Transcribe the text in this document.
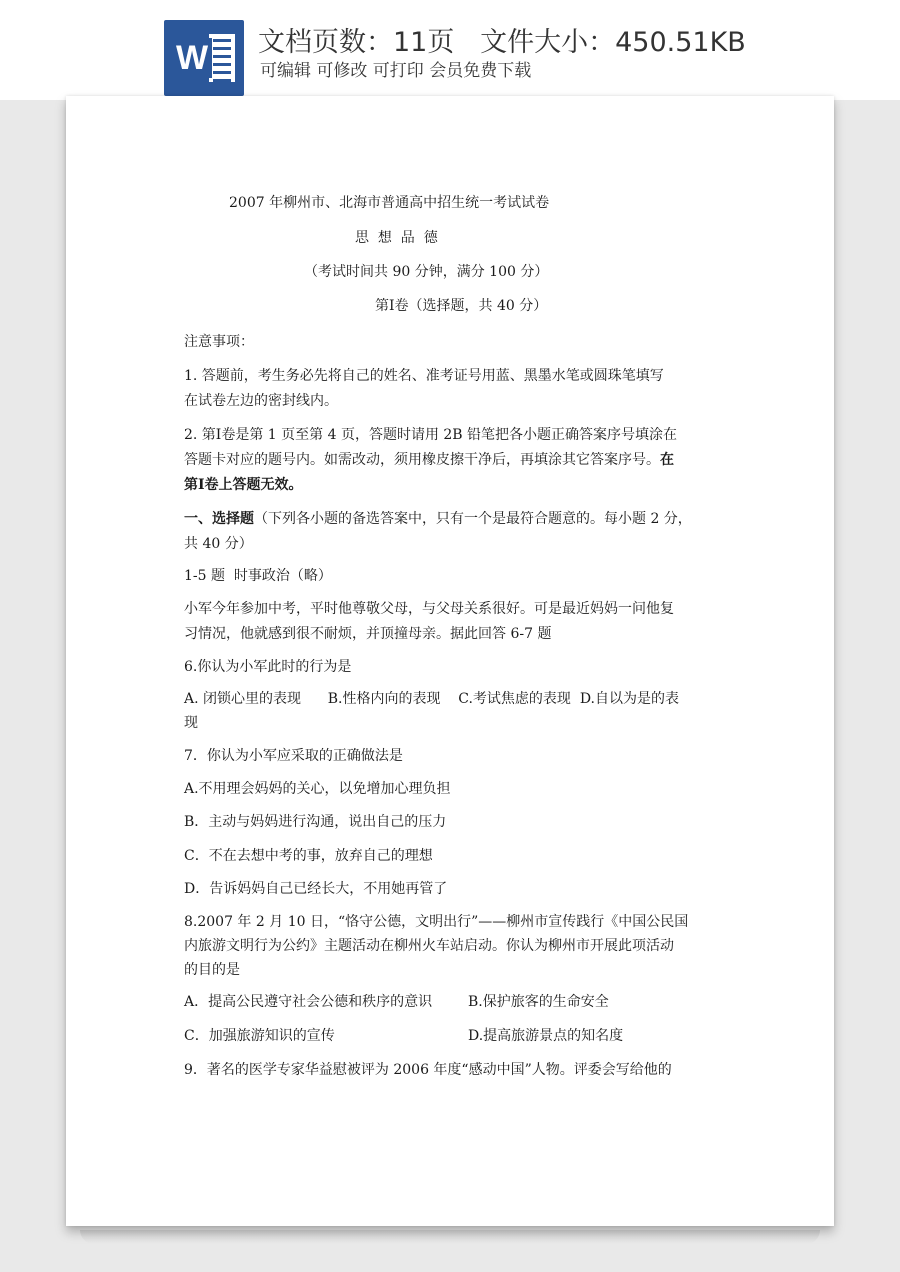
W 文档页数：11页   文件大小：450.51KB
可编辑 可修改 可打印 会员免费下载

2007 年柳州市、北海市普通高中招生统一考试试卷

思  想  品  德

（考试时间共 90 分钟，满分 100 分）

第Ⅰ卷（选择题，共 40 分）

注意事项：

1. 答题前，考生务必先将自己的姓名、准考证号用蓝、黑墨水笔或圆珠笔填写

在试卷左边的密封线内。

2. 第Ⅰ卷是第 1 页至第 4 页，答题时请用 2B 铅笔把各小题正确答案序号填涂在

答题卡对应的题号内。如需改动，须用橡皮擦干净后，再填涂其它答案序号。在

第Ⅰ卷上答题无效。

一、选择题（下列各小题的备选答案中，只有一个是最符合题意的。每小题 2 分，

共 40 分）

1-5 题  时事政治（略）

小军今年参加中考，平时他尊敬父母，与父母关系很好。可是最近妈妈一问他复

习情况，他就感到很不耐烦，并顶撞母亲。据此回答 6-7 题

6.你认为小军此时的行为是

A. 闭锁心里的表现      B.性格内向的表现    C.考试焦虑的表现  D.自以为是的表

现

7．你认为小军应采取的正确做法是

A.不用理会妈妈的关心，以免增加心理负担

B．主动与妈妈进行沟通，说出自己的压力

C．不在去想中考的事，放弃自己的理想

D．告诉妈妈自己已经长大，不用她再管了

8.2007 年 2 月 10 日，“恪守公德，文明出行”——柳州市宣传践行《中国公民国

内旅游文明行为公约》主题活动在柳州火车站启动。你认为柳州市开展此项活动

的目的是

A．提高公民遵守社会公德和秩序的意识	B.保护旅客的生命安全

C．加强旅游知识的宣传	D.提高旅游景点的知名度

9．著名的医学专家华益慰被评为 2006 年度“感动中国”人物。评委会写给他的
